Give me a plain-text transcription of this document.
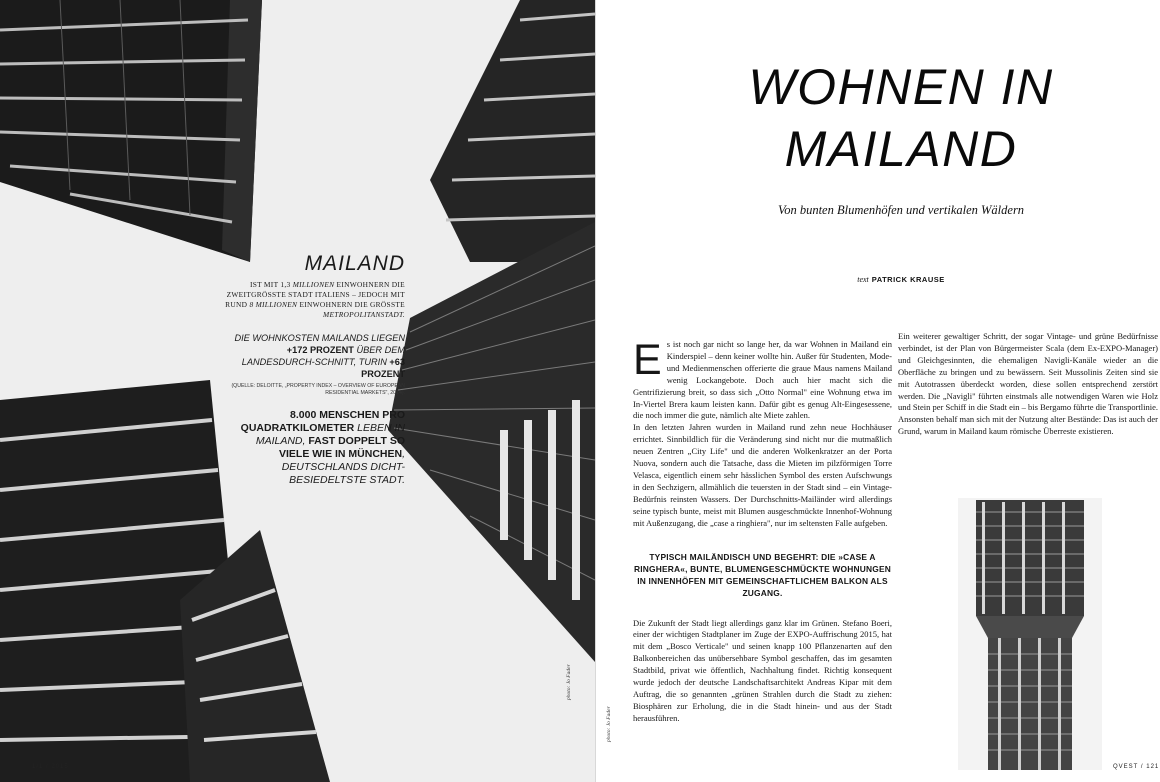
MAILAND
IST MIT 1,3 MILLIONEN EINWOHNERN DIE ZWEITGRÖSSTE STADT ITALIENS – JEDOCH MIT RUND 8 MILLIONEN EINWOHNERN DIE GRÖSSTE METROPOLITANSTADT.
DIE WOHNKOSTEN MAILANDS LIEGEN +172 PROZENT ÜBER DEM LANDESDURCH-SCHNITT, TURIN +63 PROZENT
(QUELLE: DELOITTE, „PROPERTY INDEX – OVERVIEW OF EUROPEAN RESIDENTIAL MARKETS", 2014).
8.000 MENSCHEN PRO QUADRATKILOMETER LEBEN IN MAILAND, FAST DOPPELT SO VIELE WIE IN MÜNCHEN, DEUTSCHLANDS DICHT-BESIEDELTSTE STADT.
photo: Jo Fader
1/1 / 2015
WOHNEN IN
MAILAND
Von bunten Blumenhöfen und vertikalen Wäldern
text PATRICK KRAUSE

Es ist noch gar nicht so lange her, da war Wohnen in Mailand ein Kinderspiel – denn keiner wollte hin. Außer für Studenten, Mode- und Medienmenschen offerierte die graue Maus namens Mailand wenig Lockangebote. Doch auch hier macht sich die Gentrifizierung breit, so dass sich „Otto Normal" eine Wohnung etwa im In-Viertel Brera kaum leisten kann. Dafür gibt es genug Alt-Eingesessene, die noch immer die gute, nämlich alte Miete zahlen.

In den letzten Jahren wurden in Mailand rund zehn neue Hochhäuser errichtet. Sinnbildlich für die Veränderung sind nicht nur die mutmaßlich neuen Zentren „City Life" und die anderen Wolkenkratzer an der Porta Nuova, sondern auch die Tatsache, dass die Mieten im pilzförmigen Torre Velasca, eigentlich einem sehr hässlichen Symbol des ersten Aufschwungs in den Sechzigern, allmählich die teuersten in der Stadt sind – ein Vintage-Bedürfnis reinsten Wassers. Der Durchschnitts-Mailänder wird allerdings seine typisch bunte, meist mit Blumen ausgeschmückte Innenhof-Wohnung mit Außenzugang, die „case a ringhiera", nur im seltensten Falle aufgeben.

TYPISCH MAILÄNDISCH UND BEGEHRT: DIE »CASE A RINGHERA«, BUNTE, BLUMENGESCHMÜCKTE WOHNUNGEN IN INNENHÖFEN MIT GEMEINSCHAFTLICHEM BALKON ALS ZUGANG.

Die Zukunft der Stadt liegt allerdings ganz klar im Grünen. Stefano Boeri, einer der wichtigen Stadtplaner im Zuge der EXPO-Auffrischung 2015, hat mit dem „Bosco Verticale" und seinen knapp 100 Pflanzenarten auf den Balkonbereichen das unübersehbare Symbol geschaffen, das im gesamten Stadtbild, privat wie öffentlich, Nachhaltung findet. Richtig konsequent wurde jedoch der deutsche Landschaftsarchitekt Andreas Kipar mit dem Auftrag, die so genannten „grünen Strahlen durch die Stadt zu ziehen: Biosphären zur Erholung, die in die Stadt hinein- und aus der Stadt herausführen.

Ein weiterer gewaltiger Schritt, der sogar Vintage- und grüne Bedürfnisse verbindet, ist der Plan von Bürgermeister Scala (dem Ex-EXPO-Manager) und Gleichgesinnten, die ehemaligen Navigli-Kanäle wieder an die Oberfläche zu bringen und zu bewässern. Seit Mussolinis Zeiten sind sie mit Autotrassen überdeckt worden, diese sollen entsprechend zerstört werden. Die „Navigli" führten einstmals alle notwendigen Waren wie Holz und Stein per Schiff in die Stadt ein – bis Bergamo führte die Transportlinie. Ansonsten behalf man sich mit der Nutzung alter Bestände: Das ist auch der Grund, warum in Mailand kaum römische Überreste existieren.

photo: Jo Fader
QVEST / 121
